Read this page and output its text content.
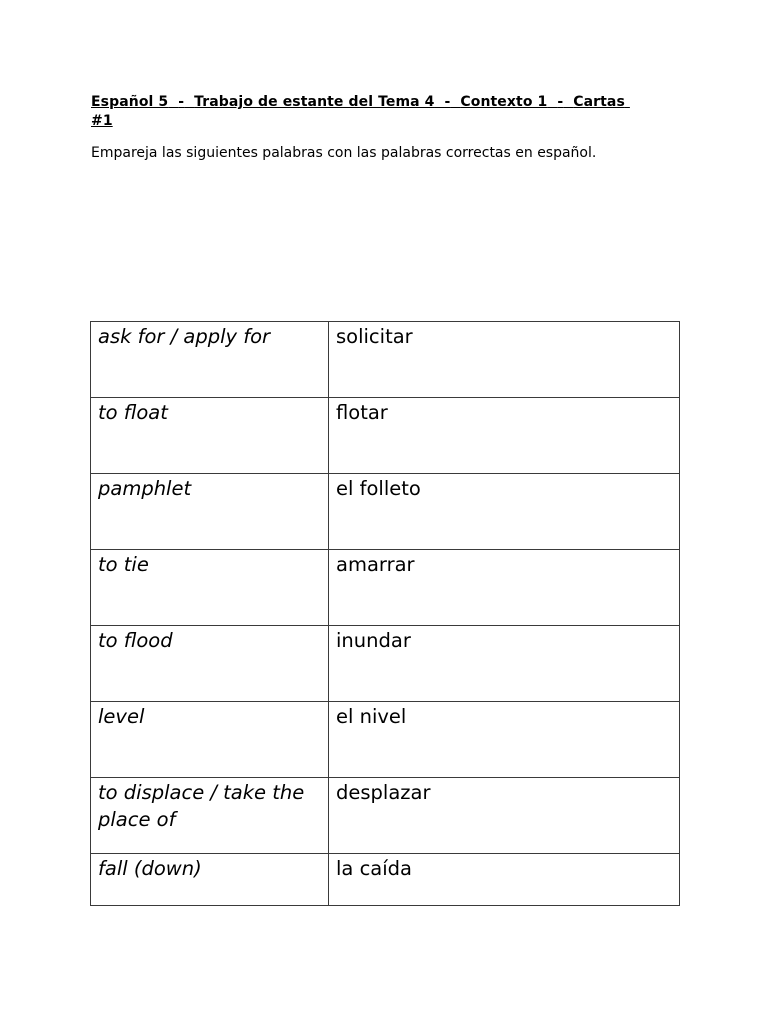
Español 5 - Trabajo de estante del Tema 4 - Contexto 1 - Cartas
#1

Empareja las siguientes palabras con las palabras correctas en español.

ask for / apply for	solicitar
to float	flotar
pamphlet	el folleto
to tie	amarrar
to flood	inundar
level	el nivel
to displace / take the place of	desplazar
fall (down)	la caída
